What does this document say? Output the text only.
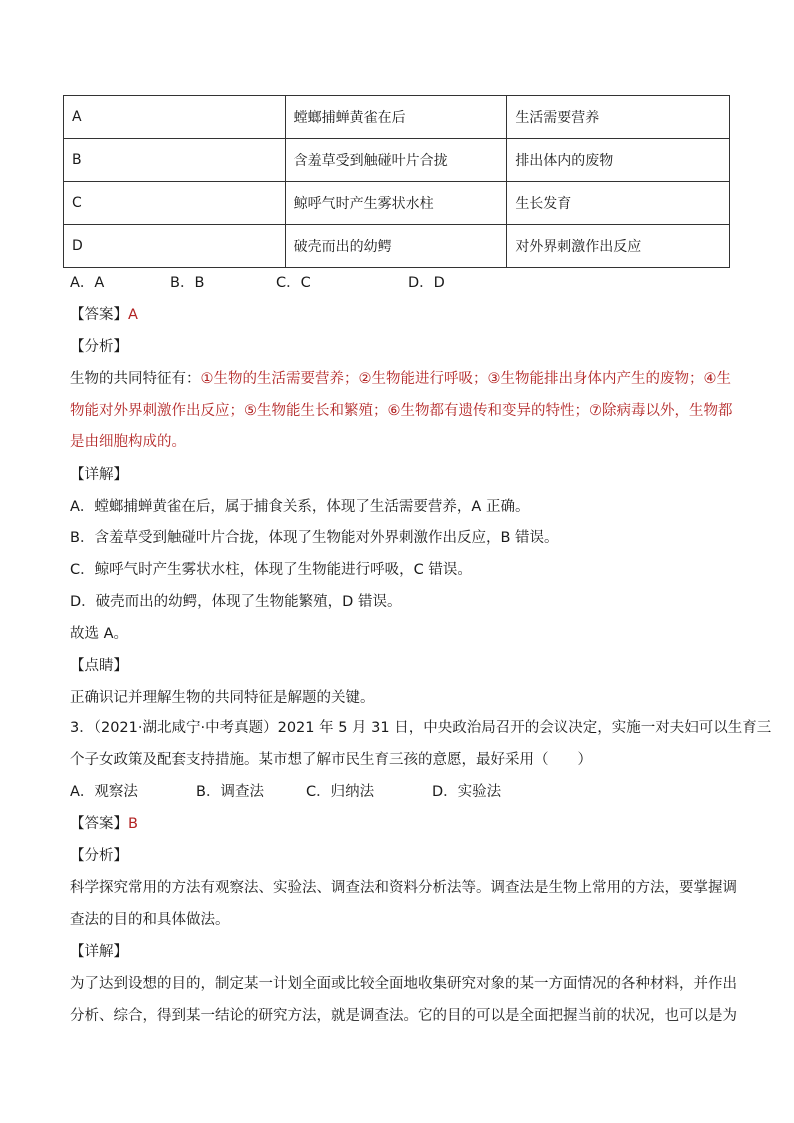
A	螳螂捕蝉黄雀在后	生活需要营养
B	含羞草受到触碰叶片合拢	排出体内的废物
C	鲸呼气时产生雾状水柱	生长发育
D	破壳而出的幼鳄	对外界刺激作出反应
A．A	B．B	C．C	D．D
【答案】A
【分析】
生物的共同特征有：①生物的生活需要营养；②生物能进行呼吸；③生物能排出身体内产生的废物；④生
物能对外界刺激作出反应；⑤生物能生长和繁殖；⑥生物都有遗传和变异的特性；⑦除病毒以外，生物都
是由细胞构成的。
【详解】
A．螳螂捕蝉黄雀在后，属于捕食关系，体现了生活需要营养，A 正确。
B．含羞草受到触碰叶片合拢，体现了生物能对外界刺激作出反应，B 错误。
C．鲸呼气时产生雾状水柱，体现了生物能进行呼吸，C 错误。
D．破壳而出的幼鳄，体现了生物能繁殖，D 错误。
故选 A。
【点睛】
正确识记并理解生物的共同特征是解题的关键。
3．（2021·湖北咸宁·中考真题）2021 年 5 月 31 日，中央政治局召开的会议决定，实施一对夫妇可以生育三
个子女政策及配套支持措施。某市想了解市民生育三孩的意愿，最好采用（　　）
A．观察法	B．调查法	C．归纳法	D．实验法
【答案】B
【分析】
科学探究常用的方法有观察法、实验法、调查法和资料分析法等。调查法是生物上常用的方法，要掌握调
查法的目的和具体做法。
【详解】
为了达到设想的目的，制定某一计划全面或比较全面地收集研究对象的某一方面情况的各种材料，并作出
分析、综合，得到某一结论的研究方法，就是调查法。它的目的可以是全面把握当前的状况，也可以是为
